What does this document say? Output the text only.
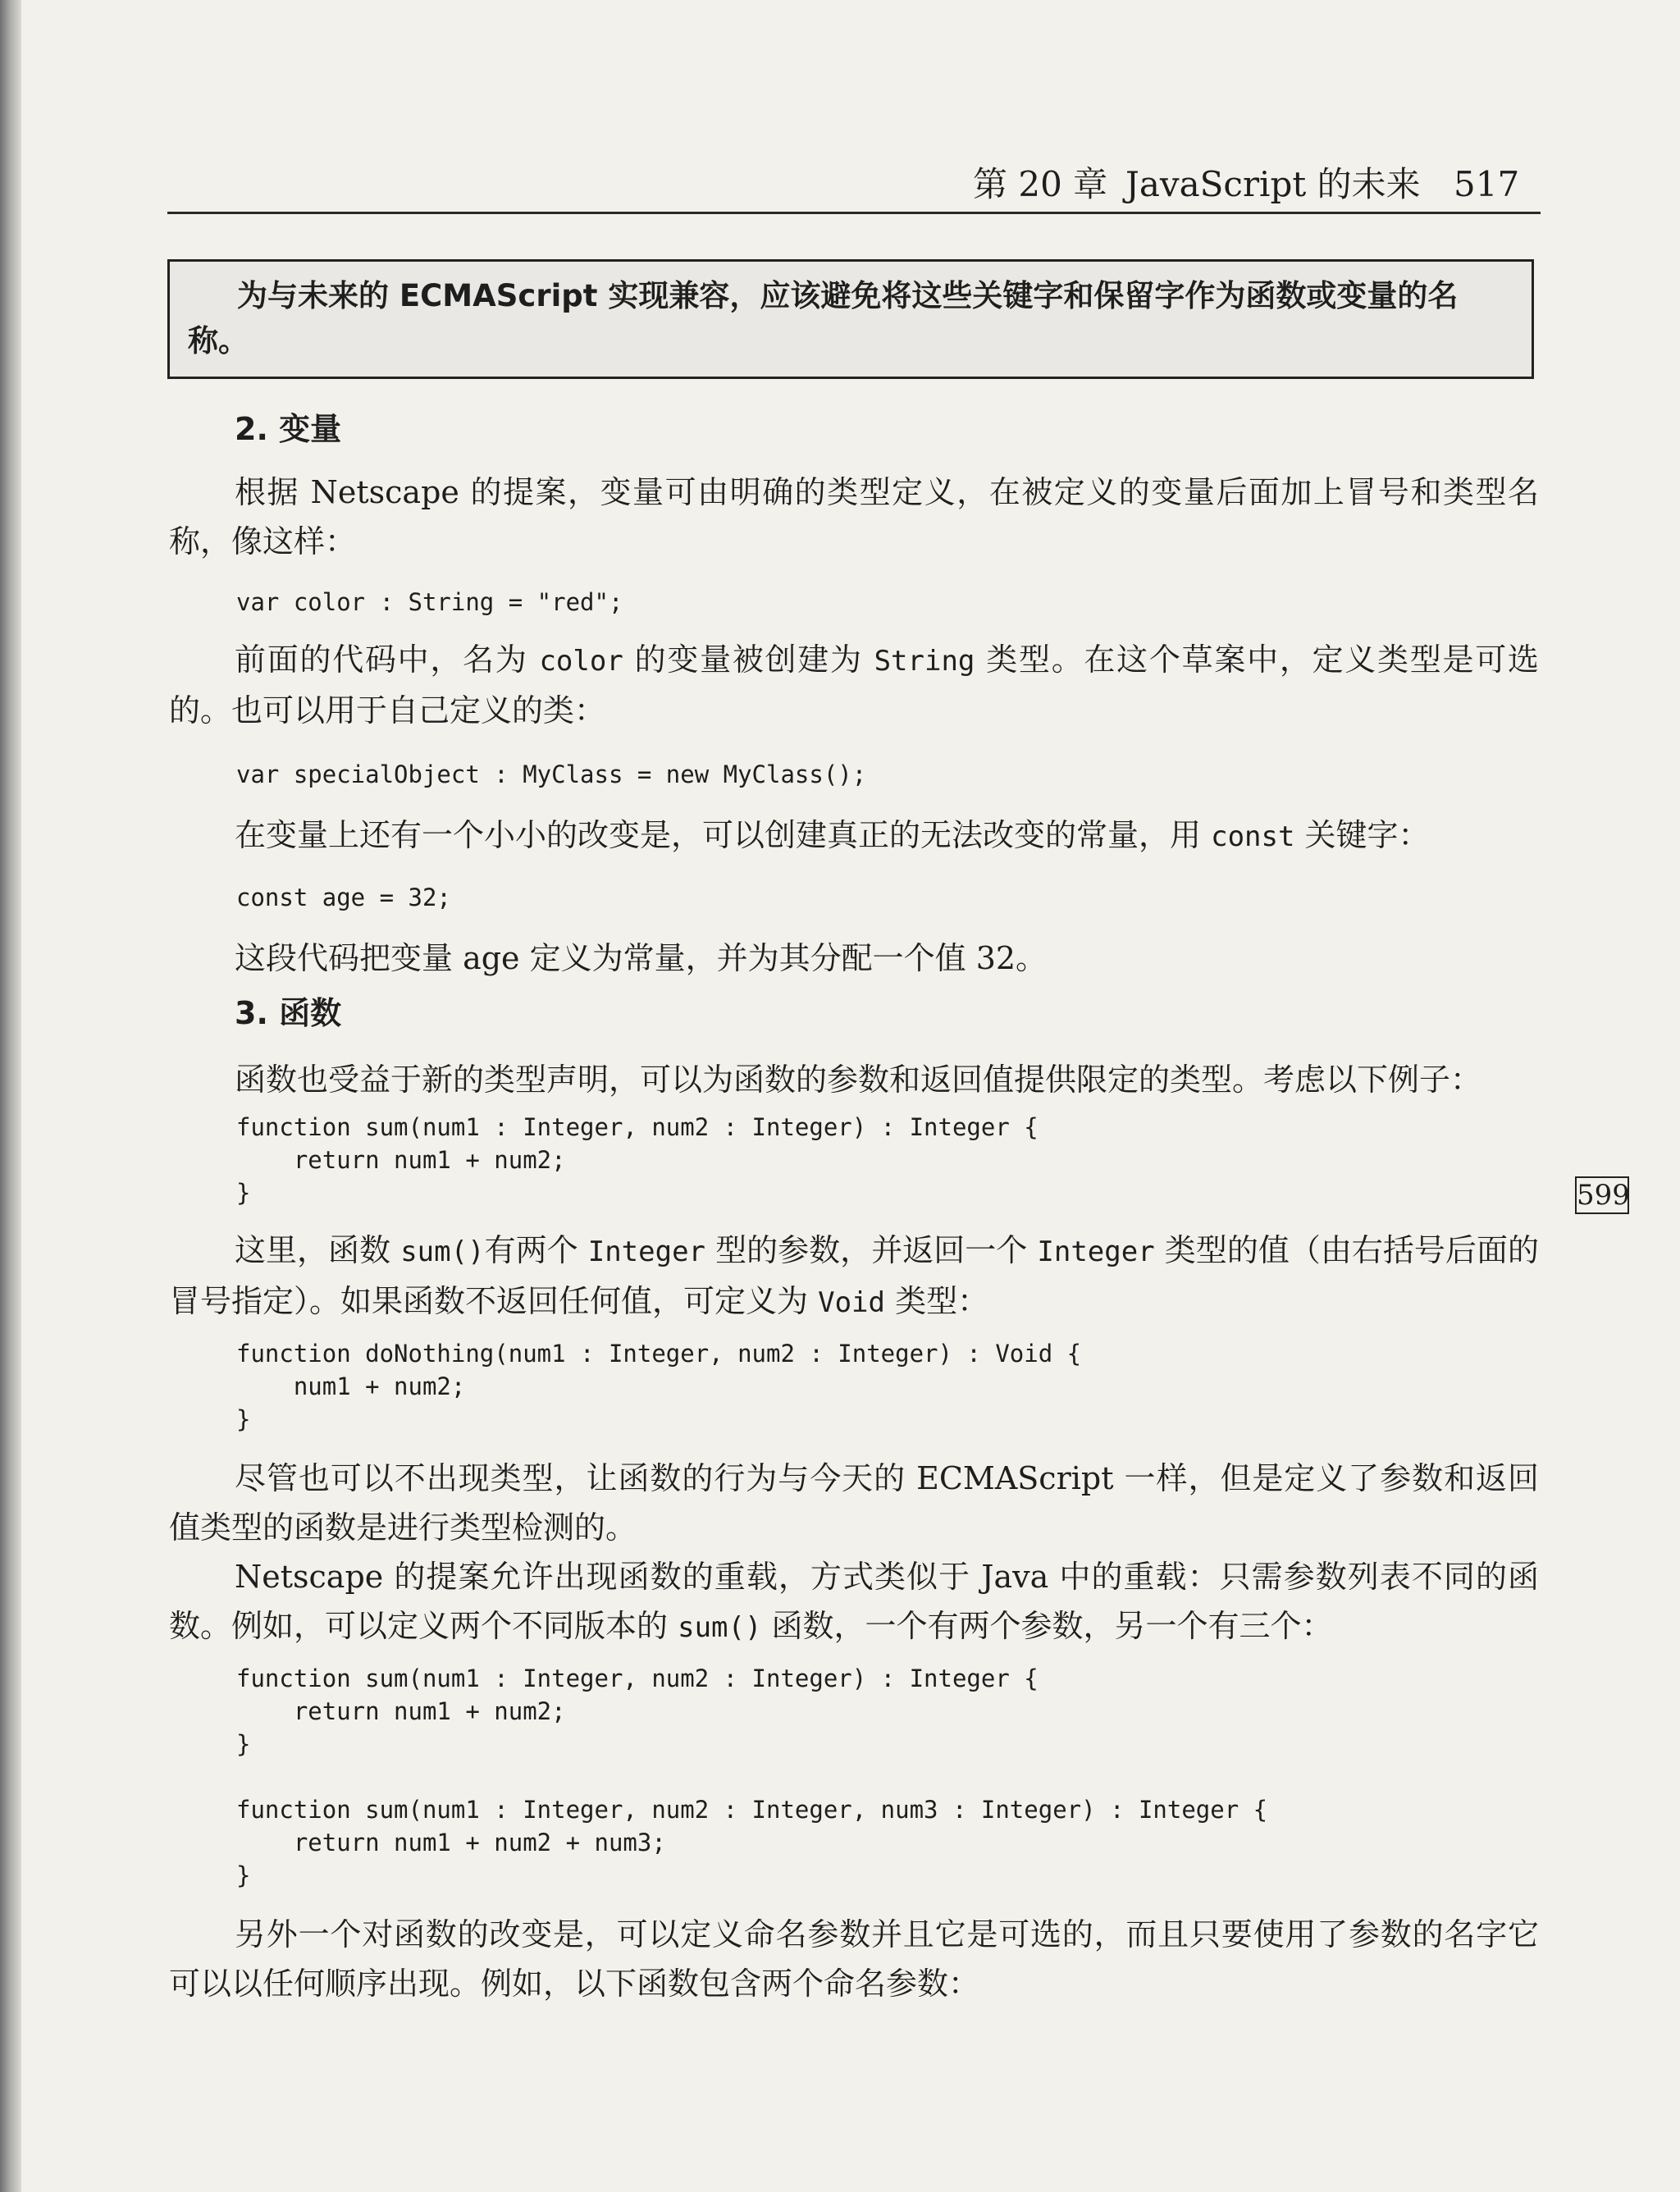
第 20 章 JavaScript 的未来 517
为与未来的 ECMAScript 实现兼容，应该避免将这些关键字和保留字作为函数或变量的名称。
2. 变量
根据 Netscape 的提案，变量可由明确的类型定义，在被定义的变量后面加上冒号和类型名称，像这样：
var color : String = "red";
前面的代码中，名为 color 的变量被创建为 String 类型。在这个草案中，定义类型是可选的。也可以用于自己定义的类：
var specialObject : MyClass = new MyClass();
在变量上还有一个小小的改变是，可以创建真正的无法改变的常量，用 const 关键字：
const age = 32;
这段代码把变量 age 定义为常量，并为其分配一个值 32。
3. 函数
函数也受益于新的类型声明，可以为函数的参数和返回值提供限定的类型。考虑以下例子：
function sum(num1 : Integer, num2 : Integer) : Integer {
return num1 + num2;
}	599
这里，函数 sum()有两个 Integer 型的参数，并返回一个 Integer 类型的值（由右括号后面的冒号指定）。如果函数不返回任何值，可定义为 Void 类型：
function doNothing(num1 : Integer, num2 : Integer) : Void {
num1 + num2;
}
尽管也可以不出现类型，让函数的行为与今天的 ECMAScript 一样，但是定义了参数和返回值类型的函数是进行类型检测的。
Netscape 的提案允许出现函数的重载，方式类似于 Java 中的重载：只需参数列表不同的函数。例如，可以定义两个不同版本的 sum() 函数，一个有两个参数，另一个有三个：
function sum(num1 : Integer, num2 : Integer) : Integer {
return num1 + num2;
}

function sum(num1 : Integer, num2 : Integer, num3 : Integer) : Integer {
return num1 + num2 + num3;
}
另外一个对函数的改变是，可以定义命名参数并且它是可选的，而且只要使用了参数的名字它可以以任何顺序出现。例如，以下函数包含两个命名参数：
